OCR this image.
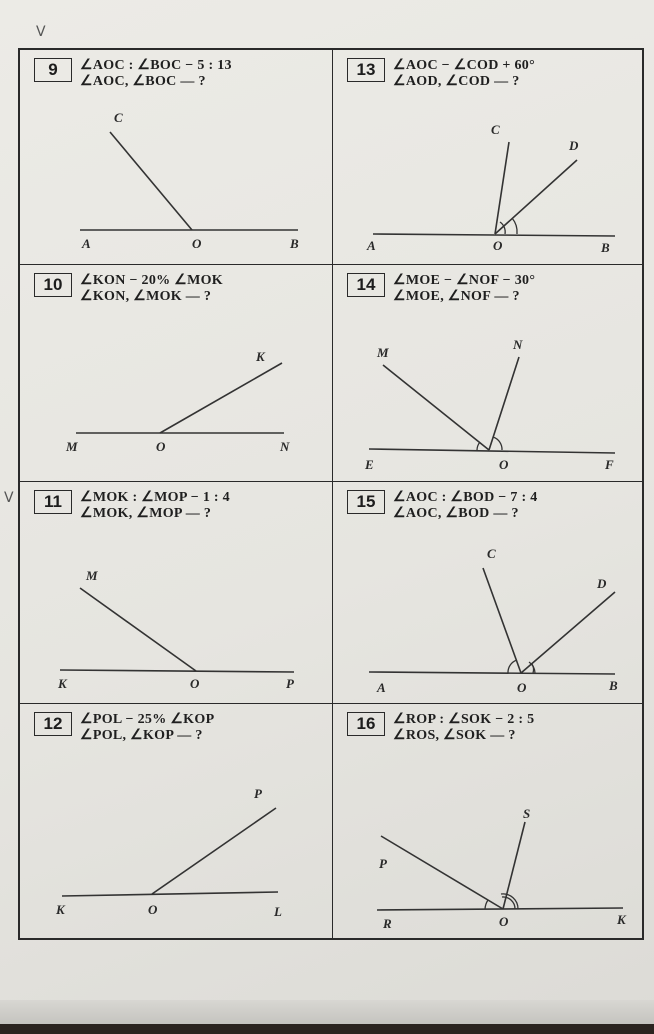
V
V
9	∠AOC : ∠BOC − 5 : 13
∠AOC, ∠BOC — ?
C
A	O	B
13	∠AOC − ∠COD + 60°
∠AOD, ∠COD — ?
C
D
A	O	B
10	∠KON − 20% ∠MOK
∠KON, ∠MOK — ?
K
M	O	N
14	∠MOE − ∠NOF − 30°
∠MOE, ∠NOF — ?
M
N
E	O	F
11	∠MOK : ∠MOP − 1 : 4
∠MOK, ∠MOP — ?
M
K	O	P
15	∠AOC : ∠BOD − 7 : 4
∠AOC, ∠BOD — ?
C
D
A	O	B
12	∠POL − 25% ∠KOP
∠POL, ∠KOP — ?
P
K	O	L
16	∠ROP : ∠SOK − 2 : 5
∠ROS, ∠SOK — ?
S
P
R	O	K
